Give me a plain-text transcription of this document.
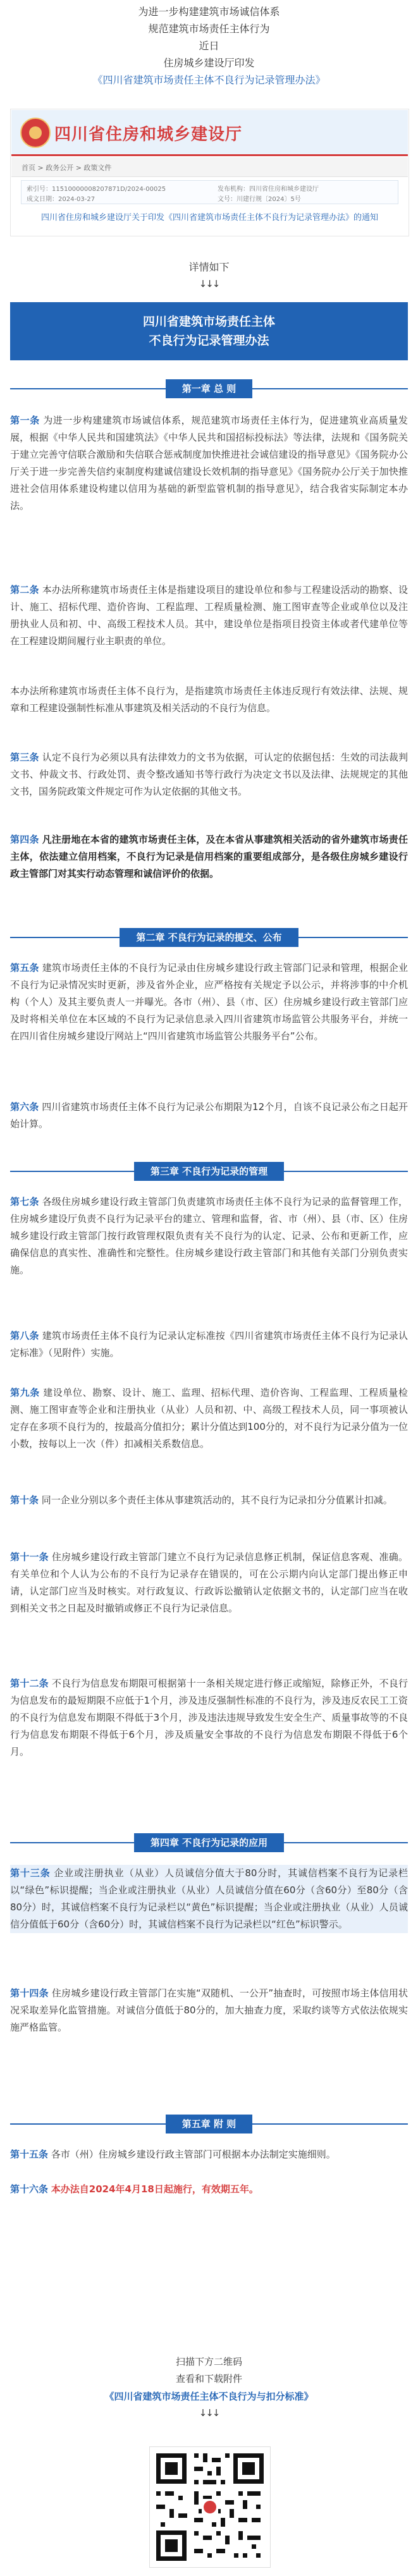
为进一步构建建筑市场诚信体系
规范建筑市场责任主体行为
近日
住房城乡建设厅印发
《四川省建筑市场责任主体不良行为记录管理办法》
四川省住房和城乡建设厅
首页 > 政务公开 > 政策文件
索引号：11510000008207871D/2024-00025	发布机构：四川省住房和城乡建设厅
成文日期：2024-03-27	文号：川建行规〔2024〕5号
四川省住房和城乡建设厅关于印发《四川省建筑市场责任主体不良行为记录管理办法》的通知
详情如下
↓↓↓
四川省建筑市场责任主体
不良行为记录管理办法
第一章 总 则
第一条 为进一步构建建筑市场诚信体系，规范建筑市场责任主体行为，促进建筑业高质量发展，根据《中华人民共和国建筑法》《中华人民共和国招标投标法》等法律，法规和《国务院关于建立完善守信联合激励和失信联合惩戒制度加快推进社会诚信建设的指导意见》《国务院办公厅关于进一步完善失信约束制度构建诚信建设长效机制的指导意见》《国务院办公厅关于加快推进社会信用体系建设构建以信用为基础的新型监管机制的指导意见》，结合我省实际制定本办法。
第二条 本办法所称建筑市场责任主体是指建设项目的建设单位和参与工程建设活动的勘察、设计、施工、招标代理、造价咨询、工程监理、工程质量检测、施工图审查等企业或单位以及注册执业人员和初、中、高级工程技术人员。其中，建设单位是指项目投资主体或者代建单位等在工程建设期间履行业主职责的单位。
本办法所称建筑市场责任主体不良行为，是指建筑市场责任主体违反现行有效法律、法规、规章和工程建设强制性标准从事建筑及相关活动的不良行为信息。
第三条 认定不良行为必须以具有法律效力的文书为依据，可认定的依据包括：生效的司法裁判文书、仲裁文书、行政处罚、责令整改通知书等行政行为决定文书以及法律、法规规定的其他文书，国务院政策文件规定可作为认定依据的其他文书。
第四条 凡注册地在本省的建筑市场责任主体，及在本省从事建筑相关活动的省外建筑市场责任主体，依法建立信用档案，不良行为记录是信用档案的重要组成部分，是各级住房城乡建设行政主管部门对其实行动态管理和诚信评价的依据。
第二章 不良行为记录的提交、公布
第五条 建筑市场责任主体的不良行为记录由住房城乡建设行政主管部门记录和管理，根据企业不良行为记录情况实时更新，涉及省外企业，应严格按有关规定予以公示，并将涉事的中介机构（个人）及其主要负责人一并曝光。各市（州）、县（市、区）住房城乡建设行政主管部门应及时将相关单位在本区域的不良行为记录信息录入四川省建筑市场监管公共服务平台，并统一在四川省住房城乡建设厅网站上“四川省建筑市场监管公共服务平台”公布。
第六条 四川省建筑市场责任主体不良行为记录公布期限为12个月，自该不良记录公布之日起开始计算。
第三章 不良行为记录的管理
第七条 各级住房城乡建设行政主管部门负责建筑市场责任主体不良行为记录的监督管理工作，住房城乡建设厅负责不良行为记录平台的建立、管理和监督，省、市（州）、县（市、区）住房城乡建设行政主管部门按行政管理权限负责有关不良行为的认定、记录、公布和更新工作，应确保信息的真实性、准确性和完整性。住房城乡建设行政主管部门和其他有关部门分别负责实施。
第八条 建筑市场责任主体不良行为记录认定标准按《四川省建筑市场责任主体不良行为记录认定标准》（见附件）实施。
第九条 建设单位、勘察、设计、施工、监理、招标代理、造价咨询、工程监理、工程质量检测、施工图审查等企业和注册执业（从业）人员和初、中、高级工程技术人员，同一事项被认定存在多项不良行为的，按最高分值扣分；累计分值达到100分的，对不良行为记录分值为一位小数，按每以上一次（件）扣减相关系数信息。
第十条 同一企业分别以多个责任主体从事建筑活动的，其不良行为记录扣分分值累计扣减。
第十一条 住房城乡建设行政主管部门建立不良行为记录信息修正机制，保证信息客观、准确。有关单位和个人认为公布的不良行为记录存在错误的，可在公示期内向认定部门提出修正申请，认定部门应当及时核实。对行政复议、行政诉讼撤销认定依据文书的，认定部门应当在收到相关文书之日起及时撤销或修正不良行为记录信息。
第十二条 不良行为信息发布期限可根据第十一条相关规定进行修正或缩短，除修正外，不良行为信息发布的最短期限不应低于1个月，涉及违反强制性标准的不良行为，涉及违反农民工工资的不良行为信息发布期限不得低于3个月，涉及违法违规导致发生安全生产、质量事故等的不良行为信息发布期限不得低于6个月，涉及质量安全事故的不良行为信息发布期限不得低于6个月。
第四章 不良行为记录的应用
第十三条 企业或注册执业（从业）人员诚信分值大于80分时，其诚信档案不良行为记录栏以“绿色”标识提醒；当企业或注册执业（从业）人员诚信分值在60分（含60分）至80分（含80分）时，其诚信档案不良行为记录栏以“黄色”标识提醒；当企业或注册执业（从业）人员诚信分值低于60分（含60分）时，其诚信档案不良行为记录栏以“红色”标识警示。
第十四条 住房城乡建设行政主管部门在实施“双随机、一公开”抽查时，可按照市场主体信用状况采取差异化监管措施。对诚信分值低于80分的，加大抽查力度，采取约谈等方式依法依规实施严格监管。
第五章 附 则
第十五条 各市（州）住房城乡建设行政主管部门可根据本办法制定实施细则。
第十六条 本办法自2024年4月18日起施行，有效期五年。
扫描下方二维码
查看和下载附件
《四川省建筑市场责任主体不良行为与扣分标准》
↓↓↓
